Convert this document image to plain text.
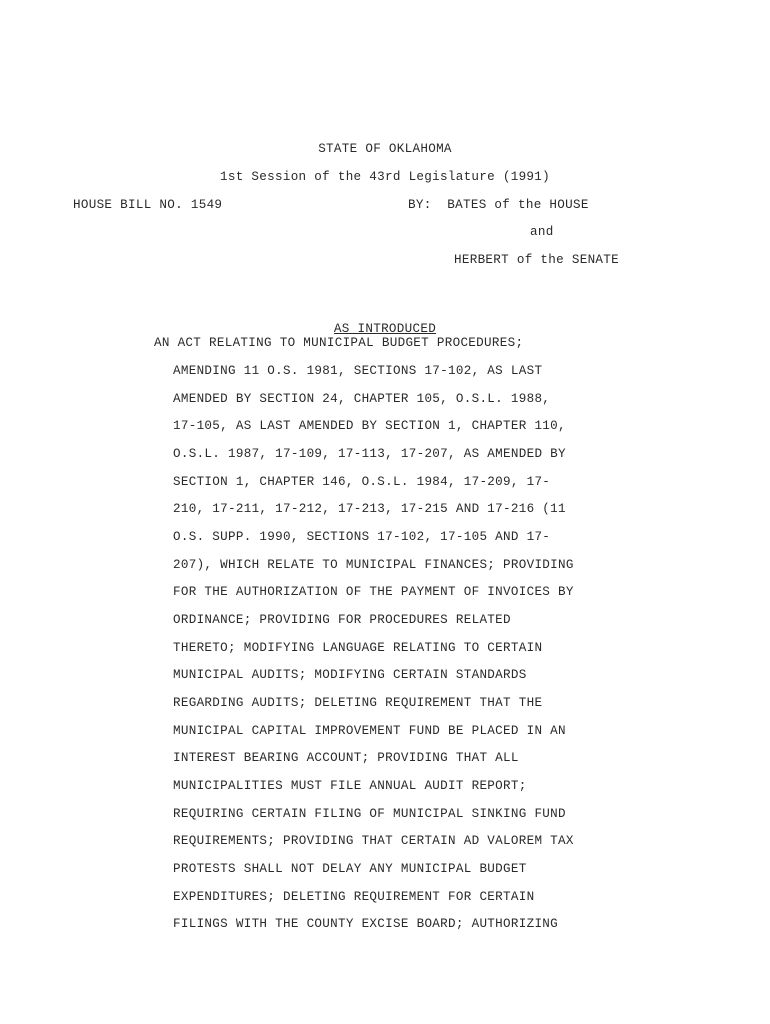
STATE OF OKLAHOMA
1st Session of the 43rd Legislature (1991)
HOUSE BILL NO. 1549	BY:  BATES of the HOUSE
and
HERBERT of the SENATE
AS INTRODUCED
AN ACT RELATING TO MUNICIPAL BUDGET PROCEDURES;
AMENDING 11 O.S. 1981, SECTIONS 17-102, AS LAST
AMENDED BY SECTION 24, CHAPTER 105, O.S.L. 1988,
17-105, AS LAST AMENDED BY SECTION 1, CHAPTER 110,
O.S.L. 1987, 17-109, 17-113, 17-207, AS AMENDED BY
SECTION 1, CHAPTER 146, O.S.L. 1984, 17-209, 17-
210, 17-211, 17-212, 17-213, 17-215 AND 17-216 (11
O.S. SUPP. 1990, SECTIONS 17-102, 17-105 AND 17-
207), WHICH RELATE TO MUNICIPAL FINANCES; PROVIDING
FOR THE AUTHORIZATION OF THE PAYMENT OF INVOICES BY
ORDINANCE; PROVIDING FOR PROCEDURES RELATED
THERETO; MODIFYING LANGUAGE RELATING TO CERTAIN
MUNICIPAL AUDITS; MODIFYING CERTAIN STANDARDS
REGARDING AUDITS; DELETING REQUIREMENT THAT THE
MUNICIPAL CAPITAL IMPROVEMENT FUND BE PLACED IN AN
INTEREST BEARING ACCOUNT; PROVIDING THAT ALL
MUNICIPALITIES MUST FILE ANNUAL AUDIT REPORT;
REQUIRING CERTAIN FILING OF MUNICIPAL SINKING FUND
REQUIREMENTS; PROVIDING THAT CERTAIN AD VALOREM TAX
PROTESTS SHALL NOT DELAY ANY MUNICIPAL BUDGET
EXPENDITURES; DELETING REQUIREMENT FOR CERTAIN
FILINGS WITH THE COUNTY EXCISE BOARD; AUTHORIZING
